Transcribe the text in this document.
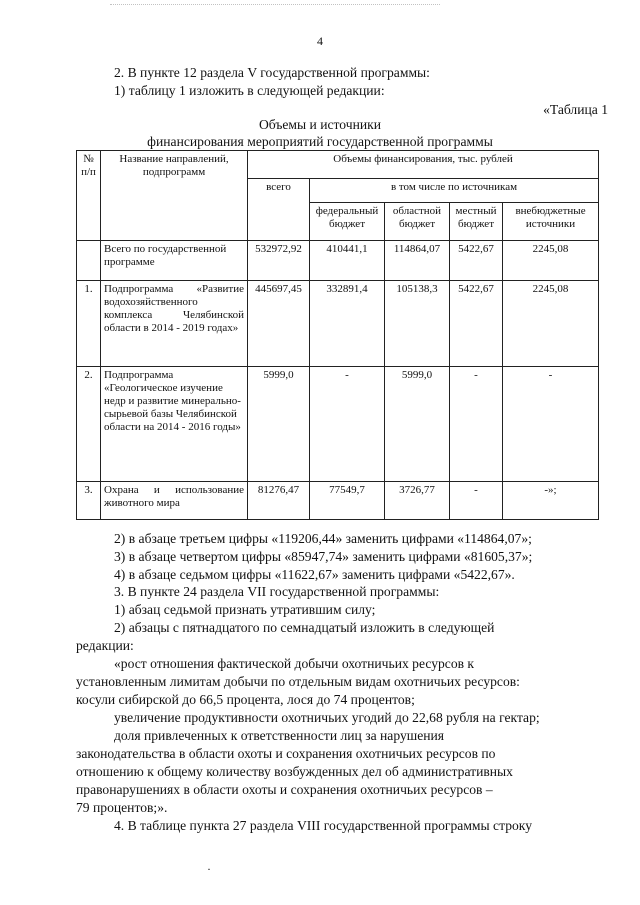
4
2. В пункте 12 раздела V государственной программы:
1) таблицу 1 изложить в следующей редакции:
«Таблица 1
Объемы и источники
финансирования мероприятий государственной программы
№ п/п	Название направлений, подпрограмм	Объемы финансирования, тыс. рублей				
		всего	в том числе по источникам			
			федеральный бюджет	областной бюджет	местный бюджет	внебюджетные источники
	Всего по государственной программе	532972,92	410441,1	114864,07	5422,67	2245,08
1.	Подпрограмма «Развитие водохозяйственного комплекса Челябинской области в 2014 - 2019 годах»	445697,45	332891,4	105138,3	5422,67	2245,08
2.	Подпрограмма «Геологическое изучение недр и развитие минерально-сырьевой базы Челябинской области на 2014 - 2016 годы»	5999,0	-	5999,0	-	-
3.	Охрана и использование животного мира	81276,47	77549,7	3726,77	-	-»;
2) в абзаце третьем цифры «119206,44» заменить цифрами «114864,07»;
3) в абзаце четвертом цифры «85947,74» заменить цифрами «81605,37»;
4) в абзаце седьмом цифры «11622,67» заменить цифрами «5422,67».
3. В пункте 24 раздела VII государственной программы:
1) абзац седьмой признать утратившим силу;
2) абзацы с пятнадцатого по семнадцатый изложить в следующей
редакции:
«рост отношения фактической добычи охотничьих ресурсов к
установленным лимитам добычи по отдельным видам охотничьих ресурсов:
косули сибирской до 66,5 процента, лося до 74 процентов;
увеличение продуктивности охотничьих угодий до 22,68 рубля на гектар;
доля привлеченных к ответственности лиц за нарушения
законодательства в области охоты и сохранения охотничьих ресурсов по
отношению к общему количеству возбужденных дел об административных
правонарушениях в области охоты и сохранения охотничьих ресурсов –
79 процентов;».
4. В таблице пункта 27 раздела VIII государственной программы строку
·
